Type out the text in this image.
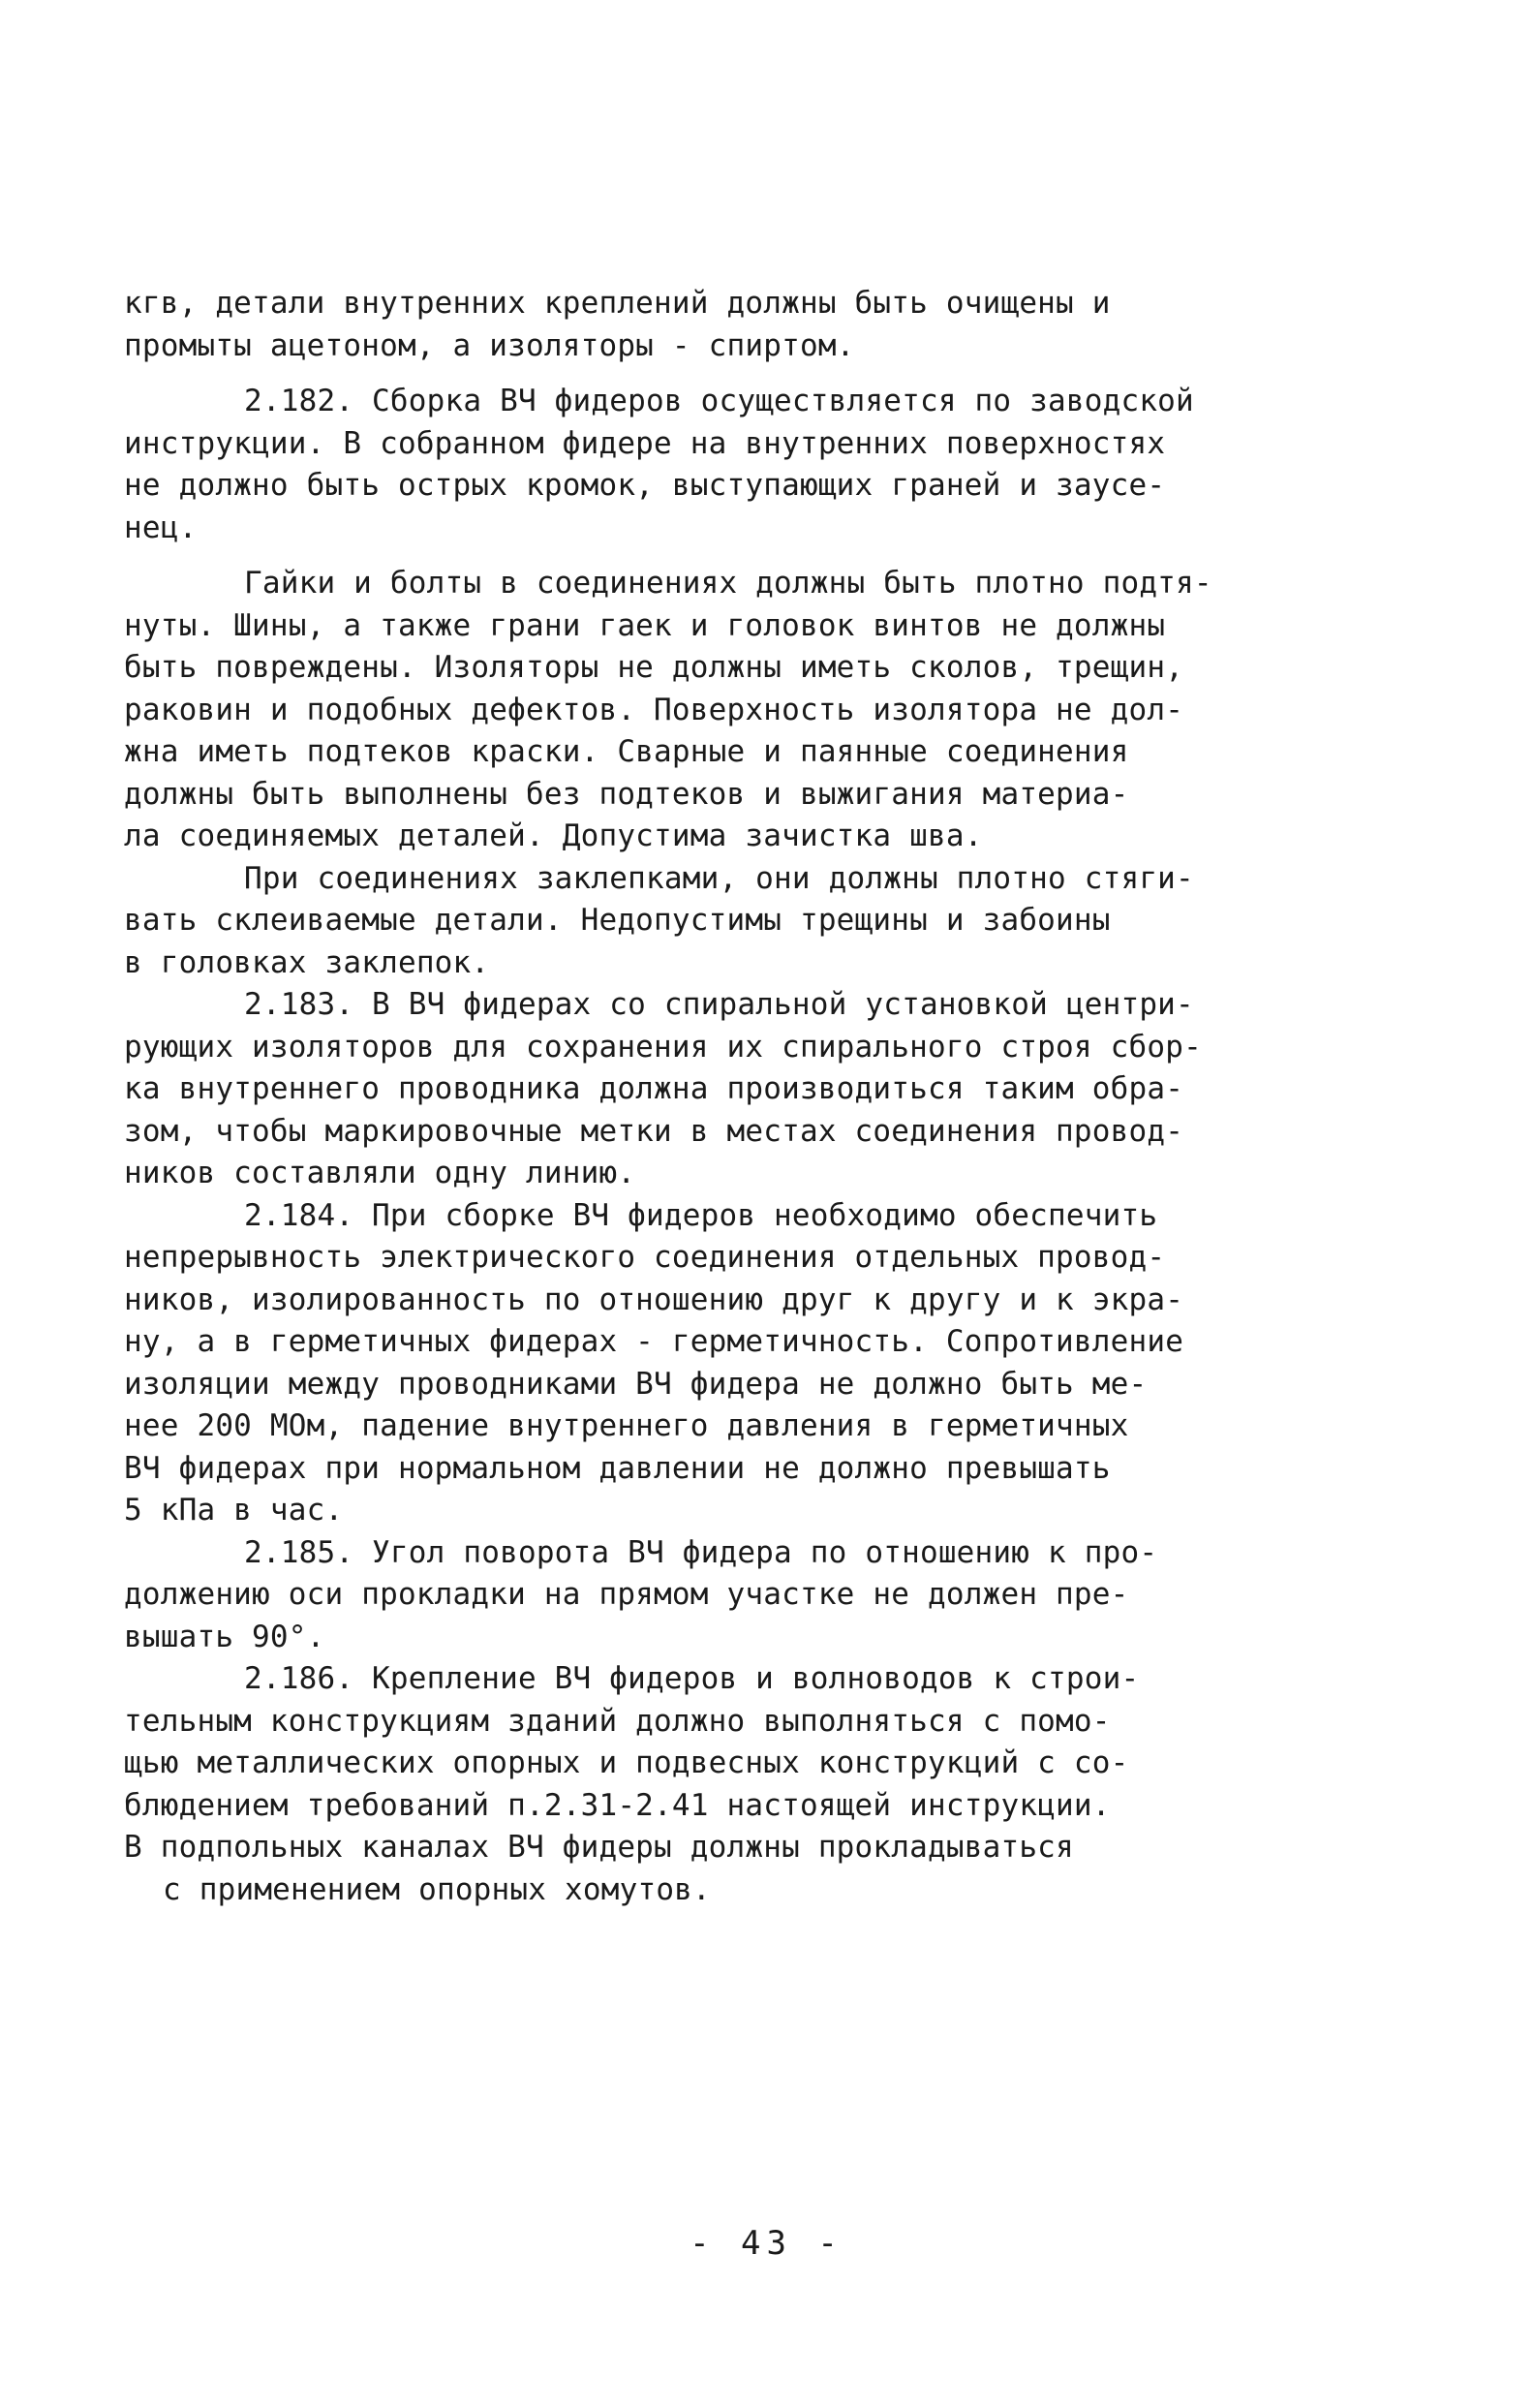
кгв, детали внутренних креплений должны быть очищены и
промыты ацетоном, а изоляторы - спиртом.
2.182. Сборка ВЧ фидеров осуществляется по заводской
инструкции. В собранном фидере на внутренних поверхностях
не должно быть острых кромок, выступающих граней и заусе-
нец.
Гайки и болты в соединениях должны быть плотно подтя-
нуты. Шины, а также грани гаек и головок винтов не должны
быть повреждены. Изоляторы не должны иметь сколов, трещин,
раковин и подобных дефектов. Поверхность изолятора не дол-
жна иметь подтеков краски. Сварные и паянные соединения
должны быть выполнены без подтеков и выжигания материа-
ла соединяемых деталей. Допустима зачистка шва.
При соединениях заклепками, они должны плотно стяги-
вать склеиваемые детали. Недопустимы трещины и забоины
в головках заклепок.
2.183. В ВЧ фидерах со спиральной установкой центри-
рующих изоляторов для сохранения их спирального строя сбор-
ка внутреннего проводника должна производиться таким обра-
зом, чтобы маркировочные метки в местах соединения провод-
ников составляли одну линию.
2.184. При сборке ВЧ фидеров необходимо обеспечить
непрерывность электрического соединения отдельных провод-
ников, изолированность по отношению друг к другу и к экра-
ну, а в герметичных фидерах - герметичность. Сопротивление
изоляции между проводниками ВЧ фидера не должно быть ме-
нее 200 МОм, падение внутреннего давления в герметичных
ВЧ фидерах при нормальном давлении не должно превышать
5 кПа в час.
2.185. Угол поворота ВЧ фидера по отношению к про-
должению оси прокладки на прямом участке не должен пре-
вышать 90°.
2.186. Крепление ВЧ фидеров и волноводов к строи-
тельным конструкциям зданий должно выполняться с помо-
щью металлических опорных и подвесных конструкций с со-
блюдением требований п.2.31-2.41 настоящей инструкции.
В подпольных каналах ВЧ фидеры должны прокладываться
с применением опорных хомутов.
- 43 -
